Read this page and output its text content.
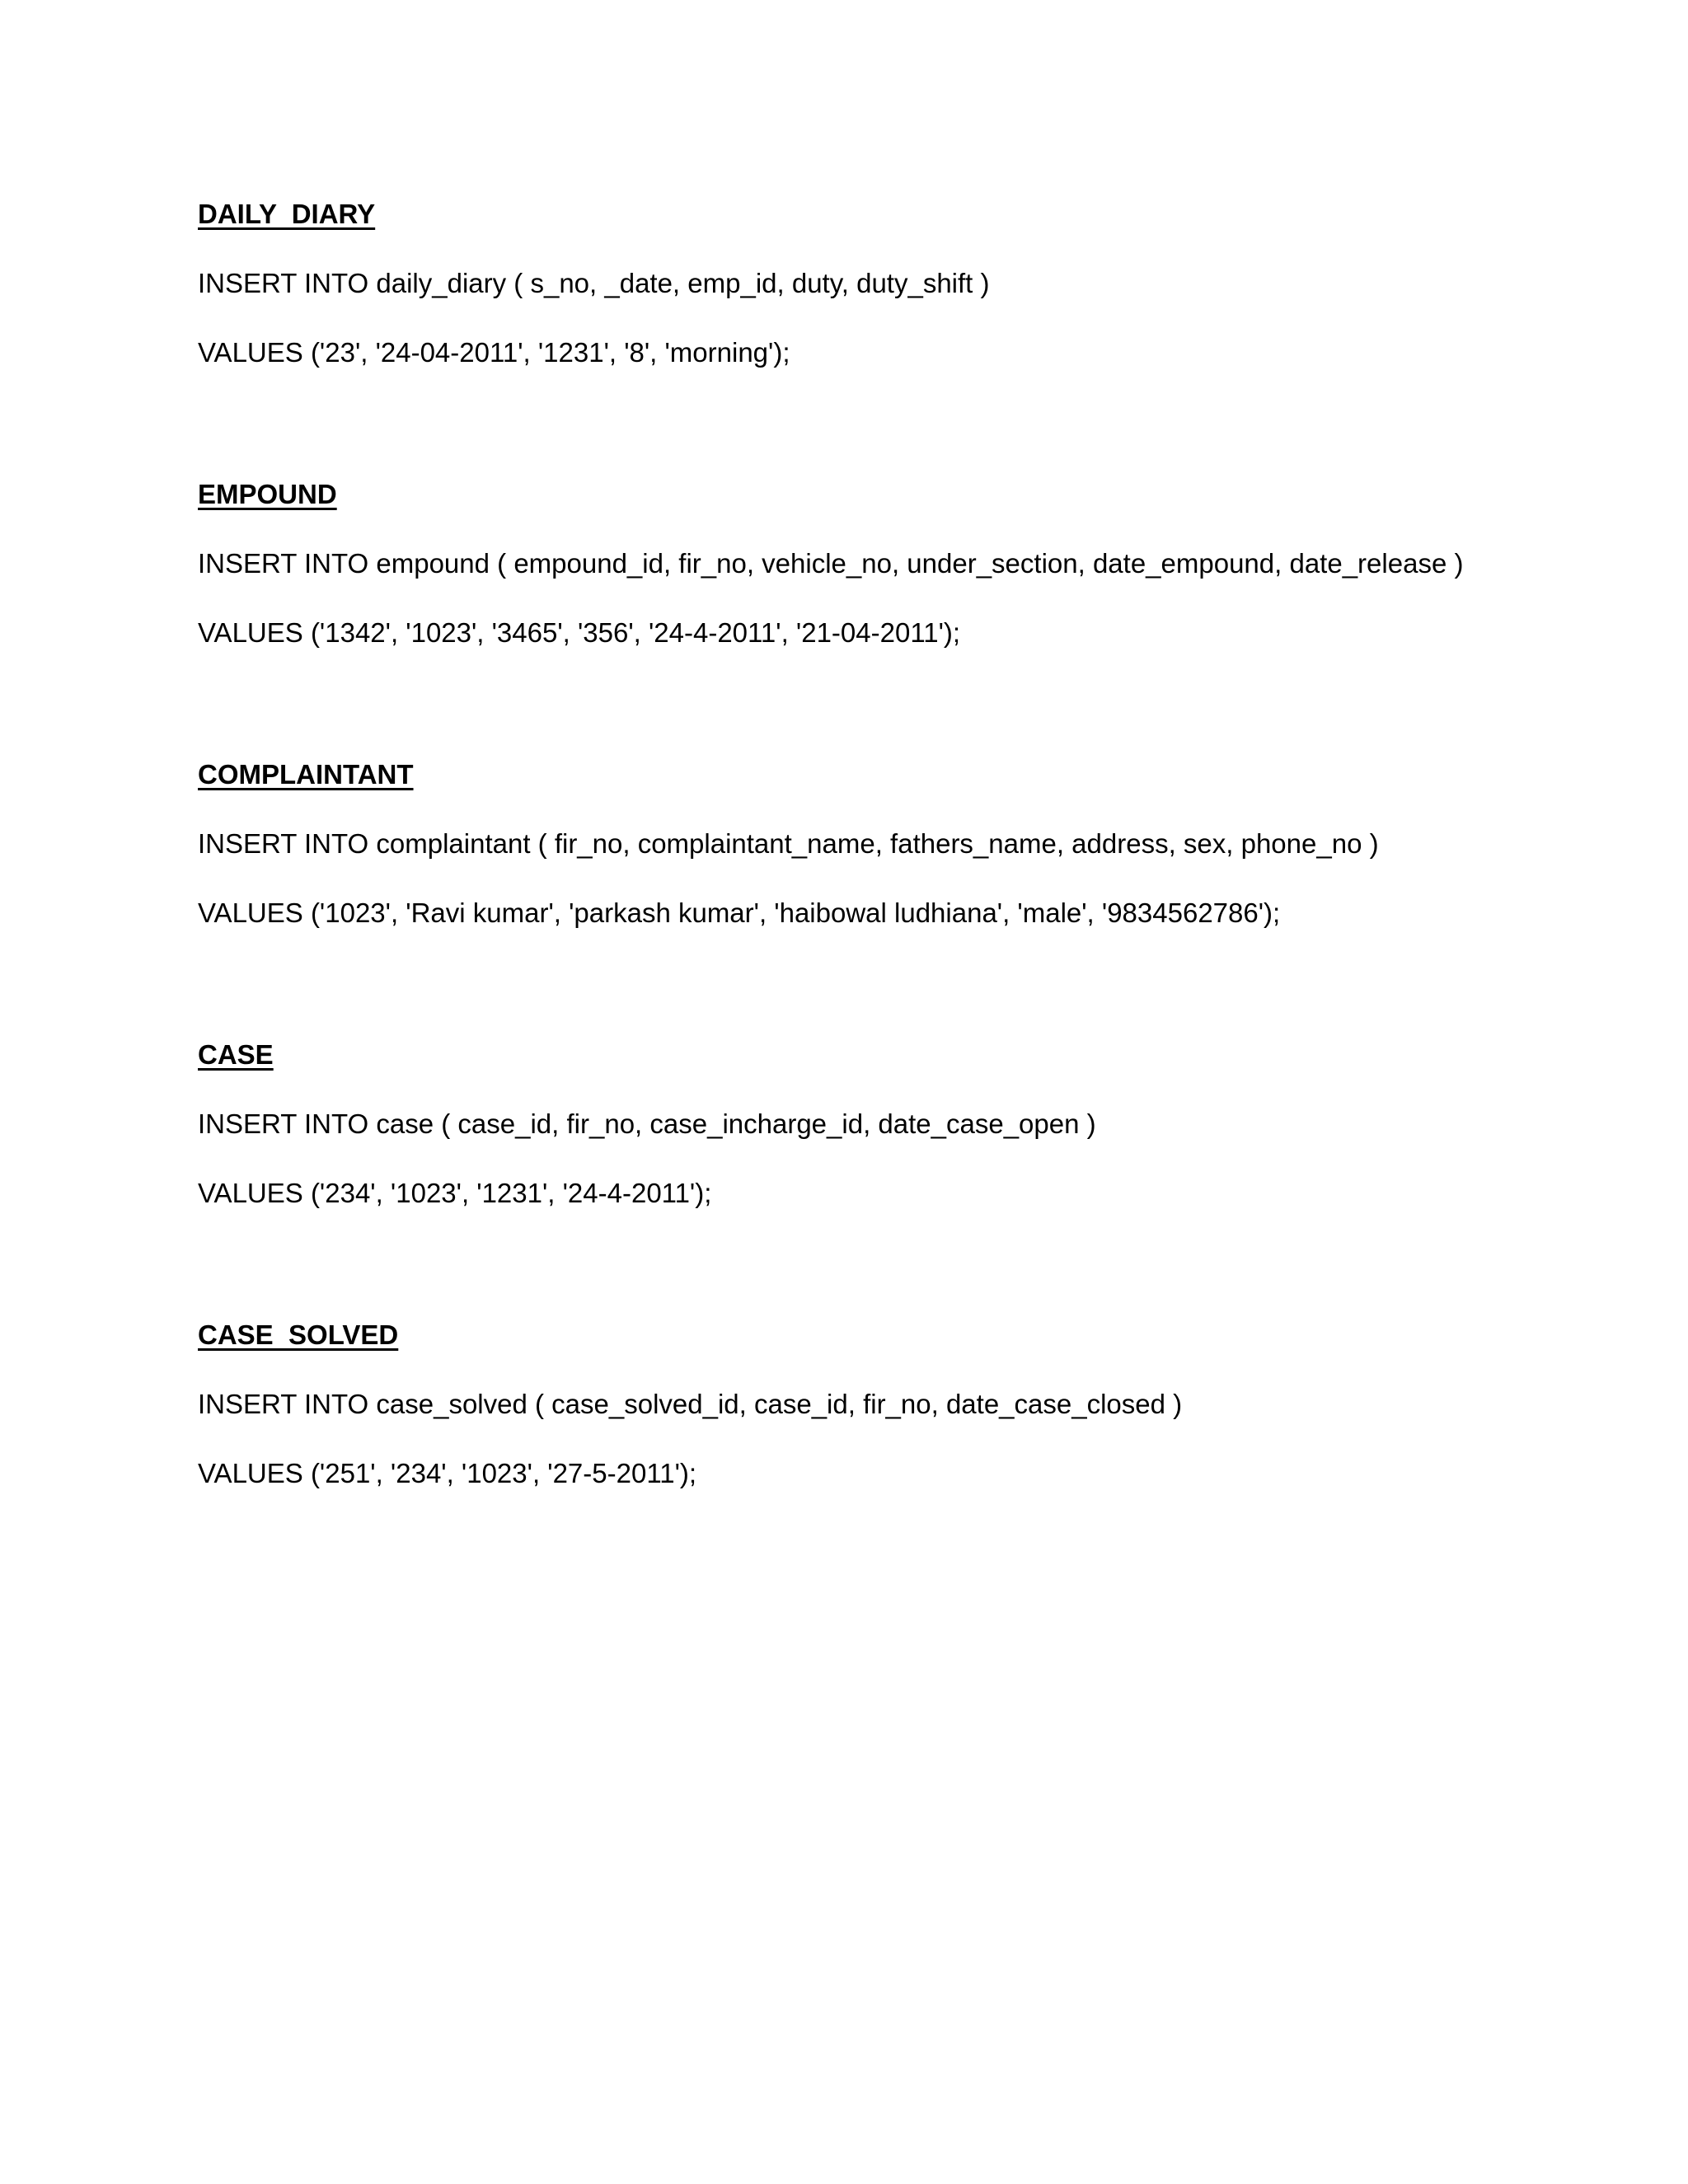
DAILY  DIARY
INSERT INTO daily_diary ( s_no, _date, emp_id, duty, duty_shift )
VALUES ('23', '24-04-2011', '1231', '8', 'morning');
EMPOUND
INSERT INTO empound ( empound_id, fir_no, vehicle_no, under_section, date_empound, date_release )
VALUES ('1342', '1023', '3465', '356', '24-4-2011', '21-04-2011');
COMPLAINTANT
INSERT INTO complaintant ( fir_no, complaintant_name, fathers_name, address, sex, phone_no )
VALUES ('1023', 'Ravi kumar', 'parkash kumar', 'haibowal ludhiana', 'male', '9834562786');
CASE
INSERT INTO case ( case_id, fir_no, case_incharge_id, date_case_open )
VALUES ('234', '1023', '1231', '24-4-2011');
CASE  SOLVED
INSERT INTO case_solved ( case_solved_id, case_id, fir_no, date_case_closed )
VALUES ('251', '234', '1023', '27-5-2011');
